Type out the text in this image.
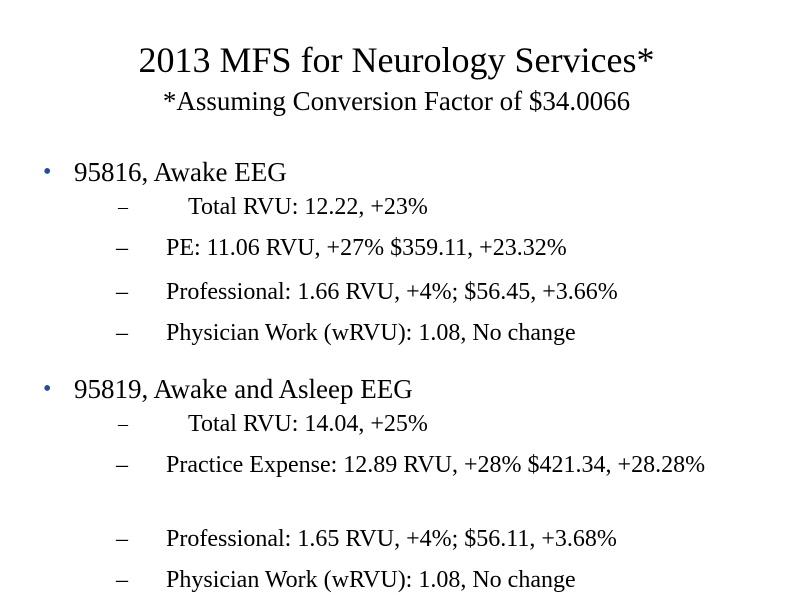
2013 MFS for Neurology Services*
*Assuming Conversion Factor of $34.0066
• 95816, Awake EEG
–	Total RVU: 12.22, +23%
–	PE: 11.06 RVU, +27% $359.11, +23.32%
–	Professional: 1.66 RVU, +4%; $56.45, +3.66%
–	Physician Work (wRVU): 1.08, No change
• 95819, Awake and Asleep EEG
–	Total RVU: 14.04, +25%
–	Practice Expense: 12.89 RVU, +28% $421.34, +28.28%
–	Professional: 1.65 RVU, +4%; $56.11, +3.68%
–	Physician Work (wRVU): 1.08, No change
